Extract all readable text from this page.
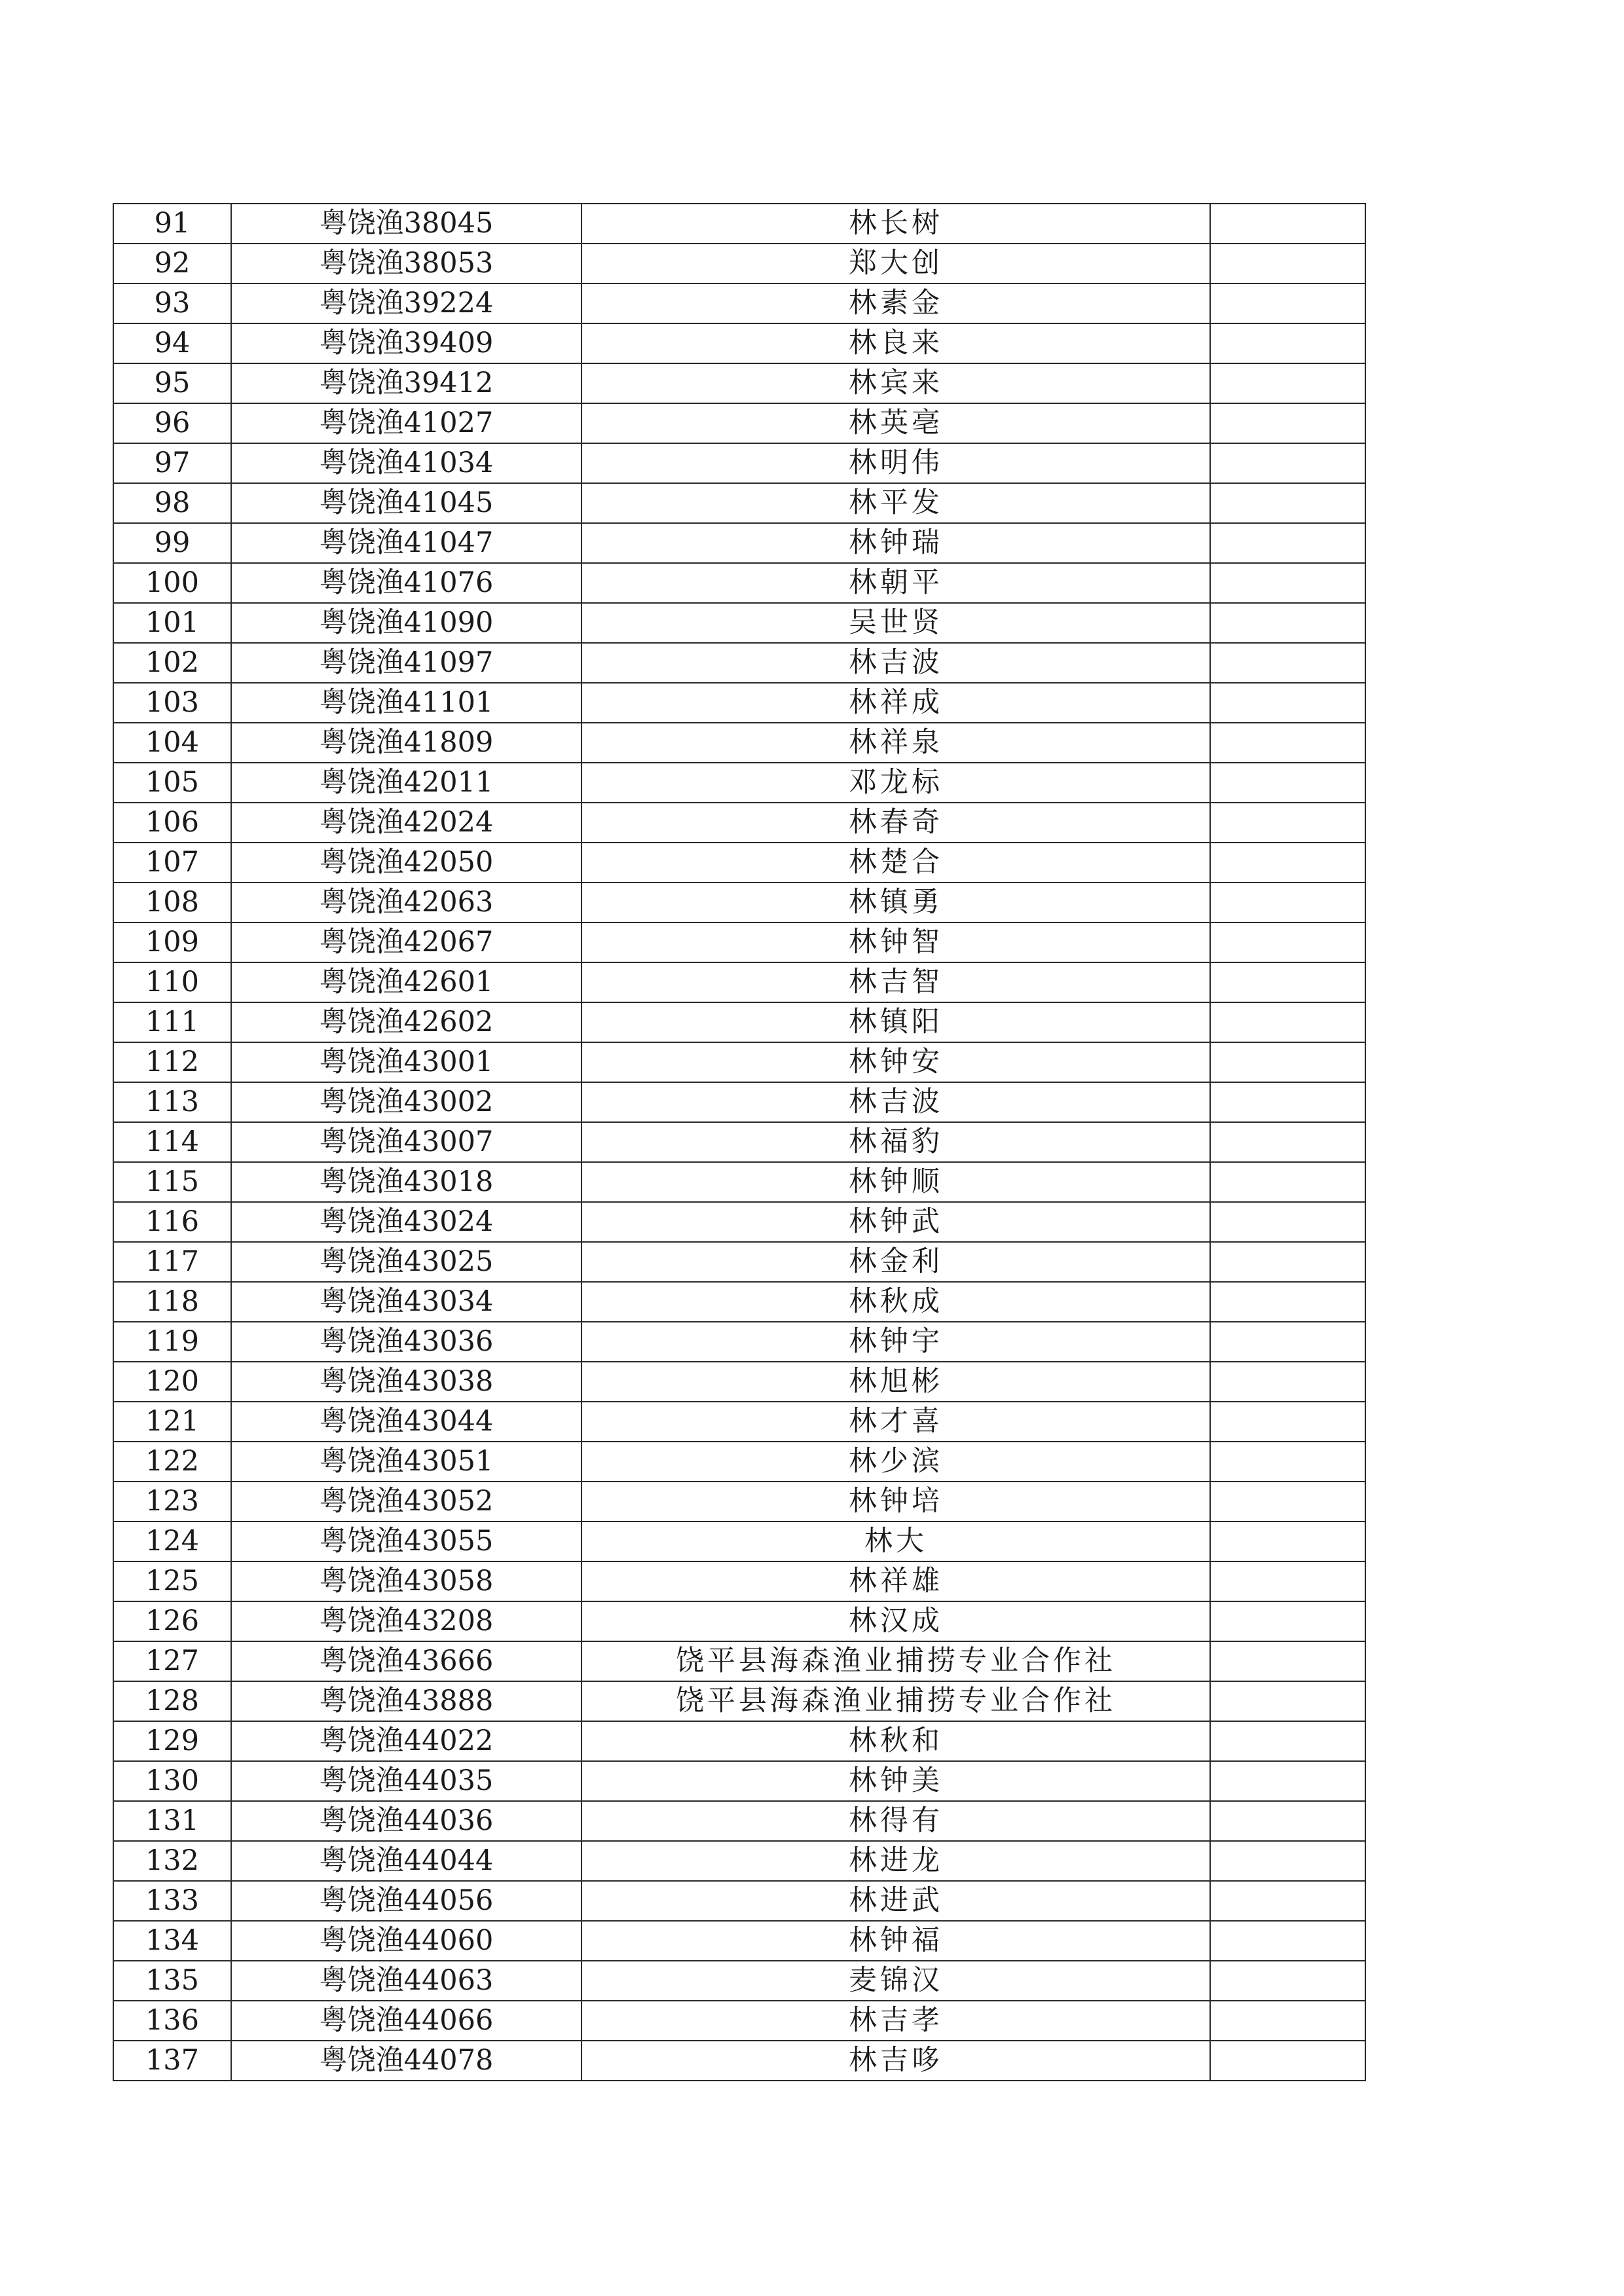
91	粤饶渔38045	林长树	
92	粤饶渔38053	郑大创	
93	粤饶渔39224	林素金	
94	粤饶渔39409	林良来	
95	粤饶渔39412	林宾来	
96	粤饶渔41027	林英亳	
97	粤饶渔41034	林明伟	
98	粤饶渔41045	林平发	
99	粤饶渔41047	林钟瑞	
100	粤饶渔41076	林朝平	
101	粤饶渔41090	吴世贤	
102	粤饶渔41097	林吉波	
103	粤饶渔41101	林祥成	
104	粤饶渔41809	林祥泉	
105	粤饶渔42011	邓龙标	
106	粤饶渔42024	林春奇	
107	粤饶渔42050	林楚合	
108	粤饶渔42063	林镇勇	
109	粤饶渔42067	林钟智	
110	粤饶渔42601	林吉智	
111	粤饶渔42602	林镇阳	
112	粤饶渔43001	林钟安	
113	粤饶渔43002	林吉波	
114	粤饶渔43007	林福豹	
115	粤饶渔43018	林钟顺	
116	粤饶渔43024	林钟武	
117	粤饶渔43025	林金利	
118	粤饶渔43034	林秋成	
119	粤饶渔43036	林钟宇	
120	粤饶渔43038	林旭彬	
121	粤饶渔43044	林才喜	
122	粤饶渔43051	林少滨	
123	粤饶渔43052	林钟培	
124	粤饶渔43055	林大	
125	粤饶渔43058	林祥雄	
126	粤饶渔43208	林汉成	
127	粤饶渔43666	饶平县海森渔业捕捞专业合作社	
128	粤饶渔43888	饶平县海森渔业捕捞专业合作社	
129	粤饶渔44022	林秋和	
130	粤饶渔44035	林钟美	
131	粤饶渔44036	林得有	
132	粤饶渔44044	林进龙	
133	粤饶渔44056	林进武	
134	粤饶渔44060	林钟福	
135	粤饶渔44063	麦锦汉	
136	粤饶渔44066	林吉孝	
137	粤饶渔44078	林吉哆	
